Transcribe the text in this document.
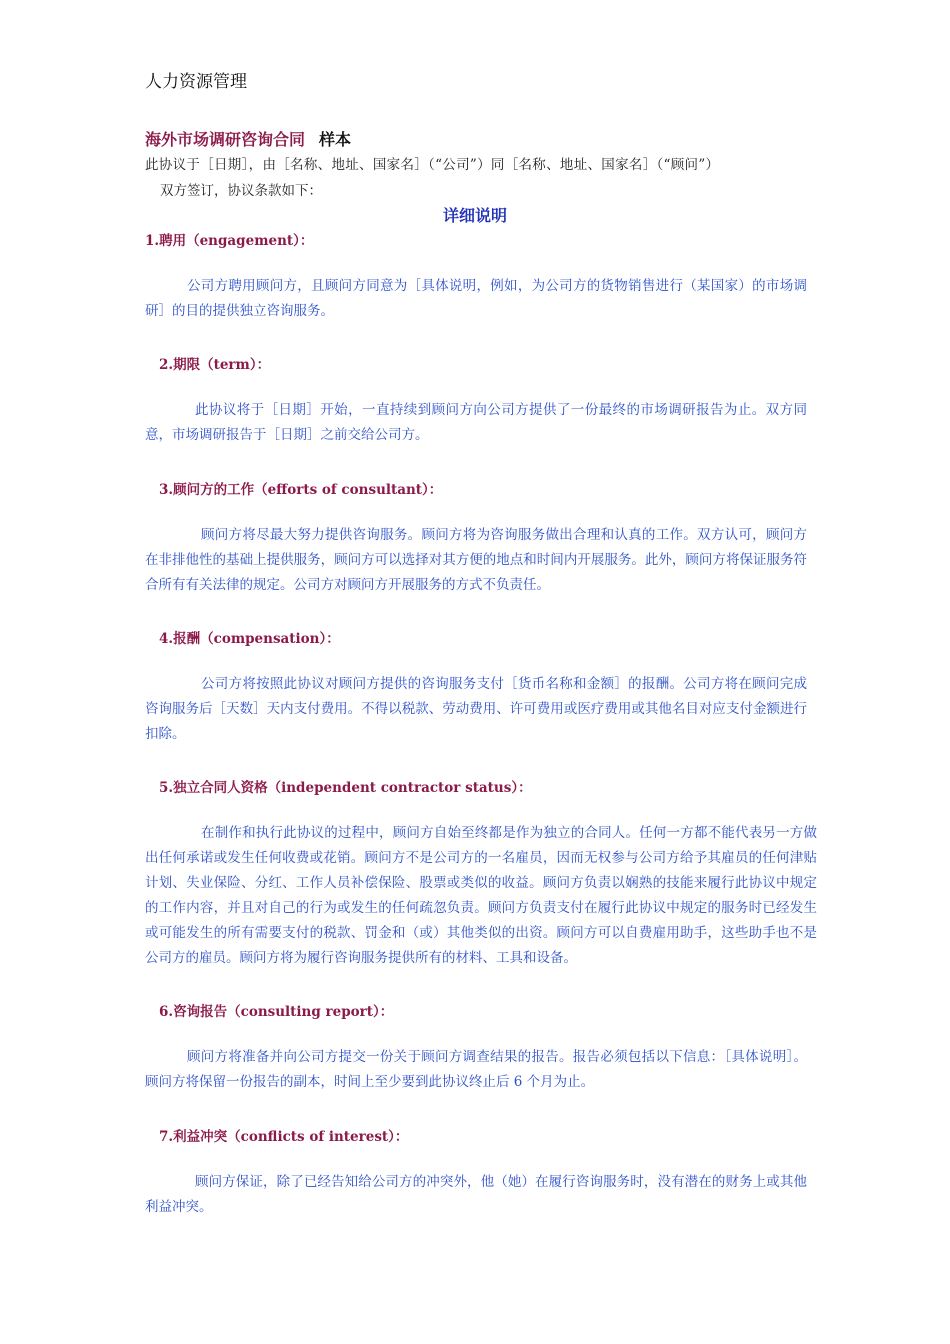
人力资源管理
海外市场调研咨询合同 样本
此协议于［日期］，由［名称、地址、国家名］（“公司”）同［名称、地址、国家名］（“顾问”）
双方签订，协议条款如下：
详细说明
1.聘用（engagement）：
公司方聘用顾问方，且顾问方同意为［具体说明，例如，为公司方的货物销售进行（某国家）的市场调研］的目的提供独立咨询服务。
2.期限（term）：
此协议将于［日期］开始，一直持续到顾问方向公司方提供了一份最终的市场调研报告为止。双方同意，市场调研报告于［日期］之前交给公司方。
3.顾问方的工作（efforts of consultant）：
顾问方将尽最大努力提供咨询服务。顾问方将为咨询服务做出合理和认真的工作。双方认可，顾问方在非排他性的基础上提供服务，顾问方可以选择对其方便的地点和时间内开展服务。此外，顾问方将保证服务符合所有有关法律的规定。公司方对顾问方开展服务的方式不负责任。
4.报酬（compensation）：
公司方将按照此协议对顾问方提供的咨询服务支付［货币名称和金额］的报酬。公司方将在顾问完成咨询服务后［天数］天内支付费用。不得以税款、劳动费用、许可费用或医疗费用或其他名目对应支付金额进行扣除。
5.独立合同人资格（independent contractor status）：
在制作和执行此协议的过程中，顾问方自始至终都是作为独立的合同人。任何一方都不能代表另一方做出任何承诺或发生任何收费或花销。顾问方不是公司方的一名雇员，因而无权参与公司方给予其雇员的任何津贴计划、失业保险、分红、工作人员补偿保险、股票或类似的收益。顾问方负责以娴熟的技能来履行此协议中规定的工作内容，并且对自己的行为或发生的任何疏忽负责。顾问方负责支付在履行此协议中规定的服务时已经发生或可能发生的所有需要支付的税款、罚金和（或）其他类似的出资。顾问方可以自费雇用助手，这些助手也不是公司方的雇员。顾问方将为履行咨询服务提供所有的材料、工具和设备。
6.咨询报告（consulting report）：
顾问方将准备并向公司方提交一份关于顾问方调查结果的报告。报告必须包括以下信息：［具体说明］。顾问方将保留一份报告的副本，时间上至少要到此协议终止后 6 个月为止。
7.利益冲突（conflicts of interest）：
顾问方保证，除了已经告知给公司方的冲突外，他（她）在履行咨询服务时，没有潜在的财务上或其他利益冲突。
